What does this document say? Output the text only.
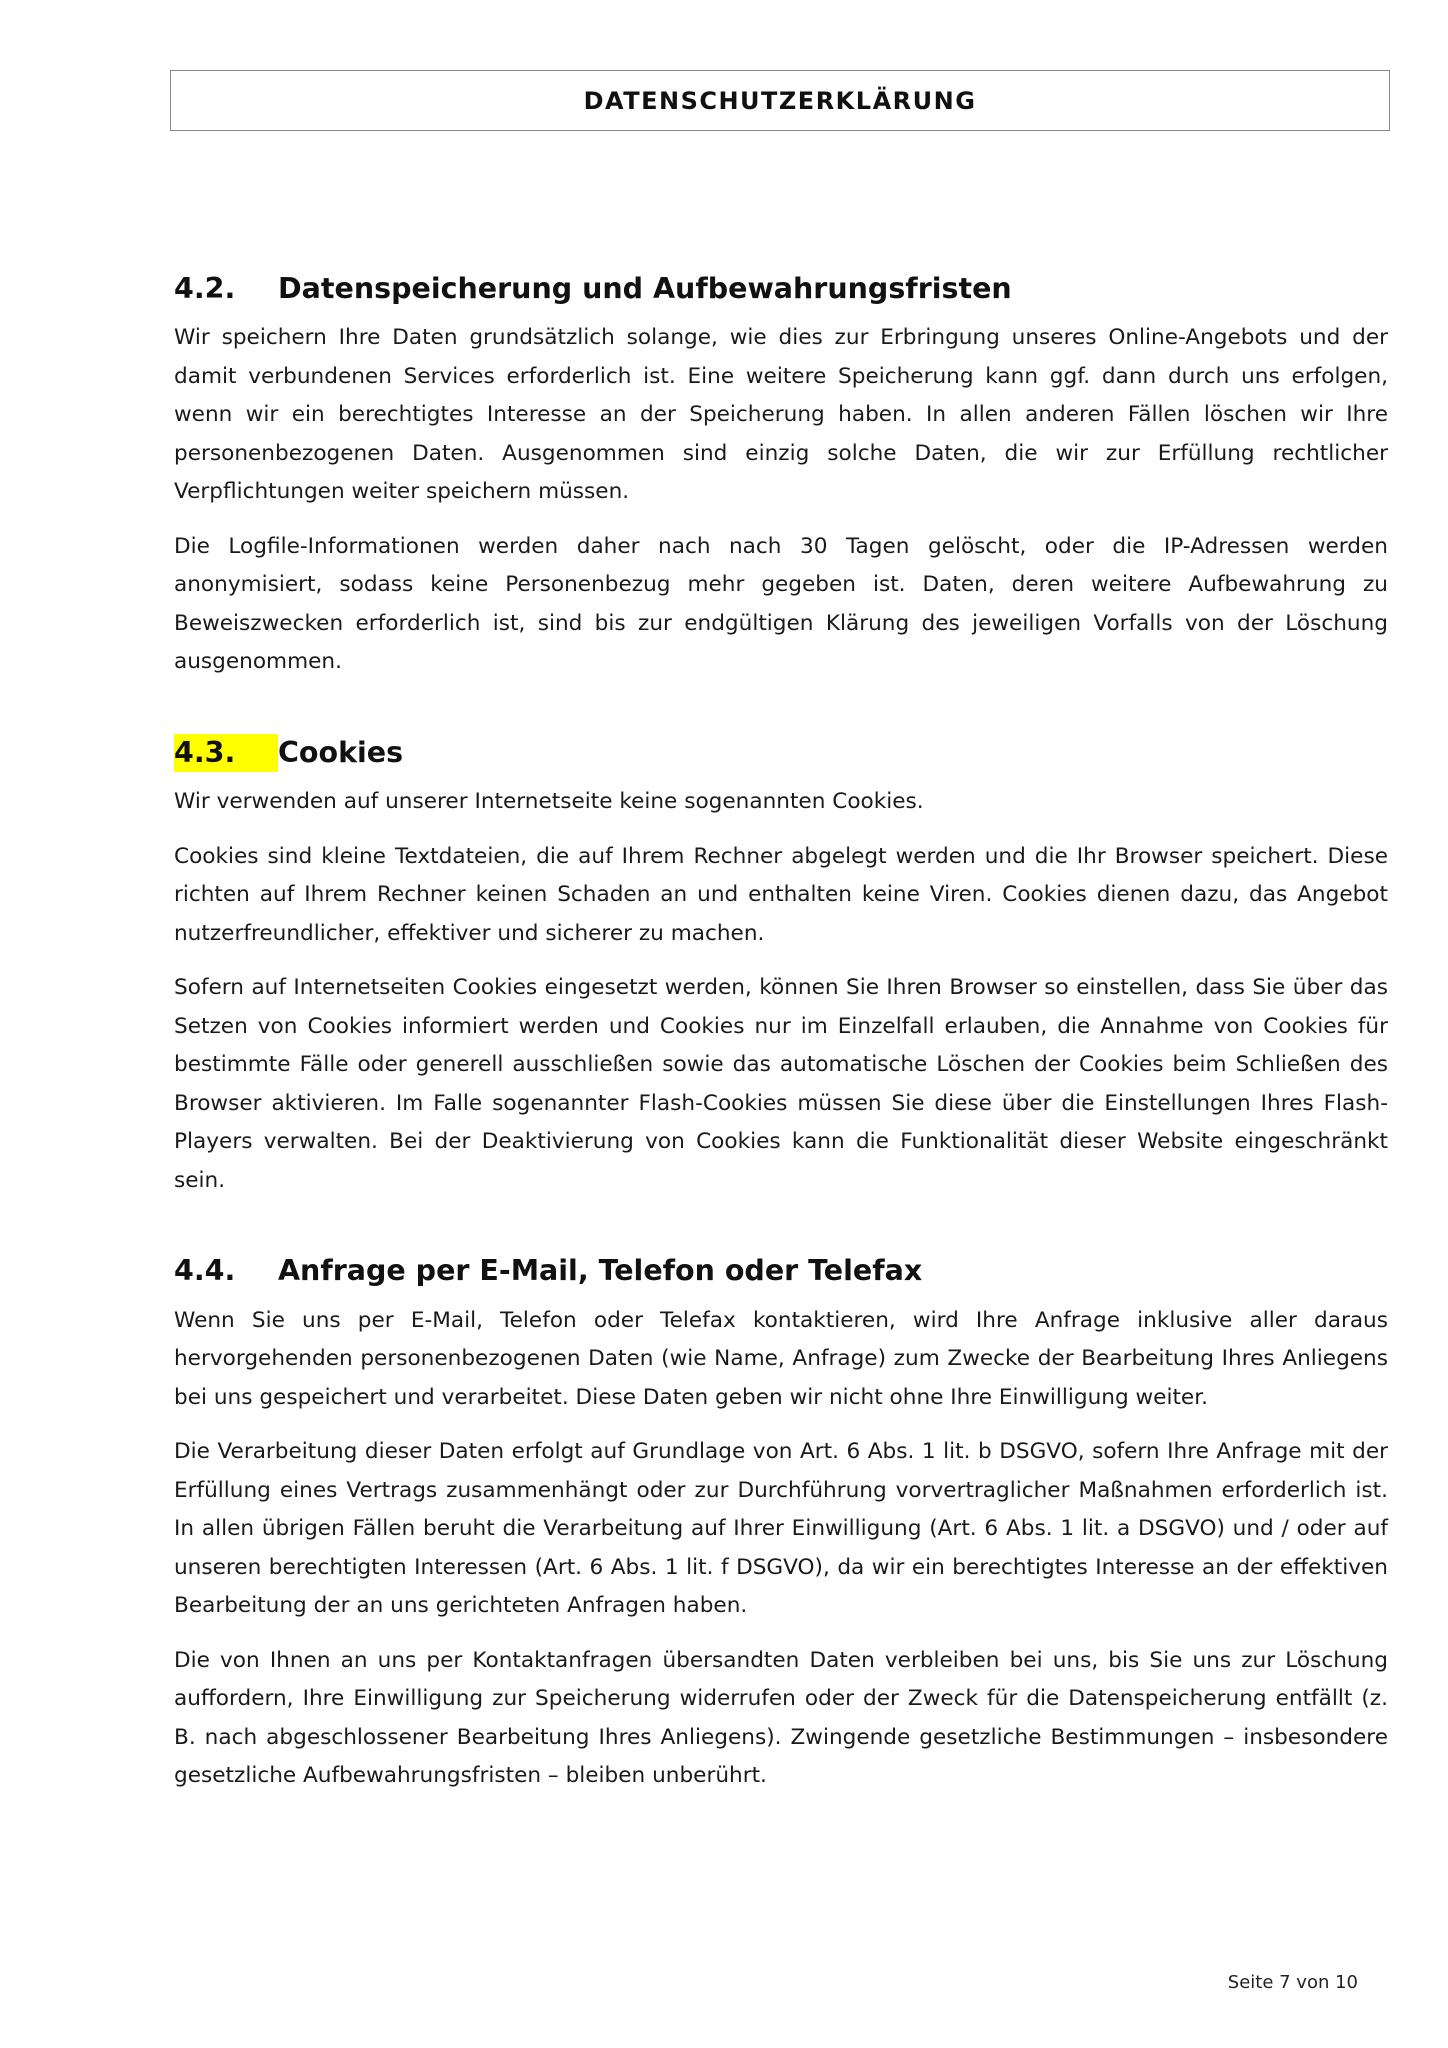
DATENSCHUTZERKLÄRUNG
4.2.	Datenspeicherung und Aufbewahrungsfristen

Wir speichern Ihre Daten grundsätzlich solange, wie dies zur Erbringung unseres Online-Angebots und der damit verbundenen Services erforderlich ist. Eine weitere Speicherung kann ggf. dann durch uns erfolgen, wenn wir ein berechtigtes Interesse an der Speicherung haben. In allen anderen Fällen löschen wir Ihre personenbezogenen Daten. Ausgenommen sind einzig solche Daten, die wir zur Erfüllung rechtlicher Verpflichtungen weiter speichern müssen.

Die Logfile-Informationen werden daher nach nach 30 Tagen gelöscht, oder die IP-Adressen werden anonymisiert, sodass keine Personenbezug mehr gegeben ist. Daten, deren weitere Aufbewahrung zu Beweiszwecken erforderlich ist, sind bis zur endgültigen Klärung des jeweiligen Vorfalls von der Löschung ausgenommen.

4.3.	Cookies

Wir verwenden auf unserer Internetseite keine sogenannten Cookies.

Cookies sind kleine Textdateien, die auf Ihrem Rechner abgelegt werden und die Ihr Browser speichert. Diese richten auf Ihrem Rechner keinen Schaden an und enthalten keine Viren. Cookies dienen dazu, das Angebot nutzerfreundlicher, effektiver und sicherer zu machen.

Sofern auf Internetseiten Cookies eingesetzt werden, können Sie Ihren Browser so einstellen, dass Sie über das Setzen von Cookies informiert werden und Cookies nur im Einzelfall erlauben, die Annahme von Cookies für bestimmte Fälle oder generell ausschließen sowie das automatische Löschen der Cookies beim Schließen des Browser aktivieren. Im Falle sogenannter Flash-Cookies müssen Sie diese über die Einstellungen Ihres Flash-Players verwalten. Bei der Deaktivierung von Cookies kann die Funktionalität dieser Website eingeschränkt sein.

4.4.	Anfrage per E-Mail, Telefon oder Telefax

Wenn Sie uns per E-Mail, Telefon oder Telefax kontaktieren, wird Ihre Anfrage inklusive aller daraus hervorgehenden personenbezogenen Daten (wie Name, Anfrage) zum Zwecke der Bearbeitung Ihres Anliegens bei uns gespeichert und verarbeitet. Diese Daten geben wir nicht ohne Ihre Einwilligung weiter.

Die Verarbeitung dieser Daten erfolgt auf Grundlage von Art. 6 Abs. 1 lit. b DSGVO, sofern Ihre Anfrage mit der Erfüllung eines Vertrags zusammenhängt oder zur Durchführung vorvertraglicher Maßnahmen erforderlich ist. In allen übrigen Fällen beruht die Verarbeitung auf Ihrer Einwilligung (Art. 6 Abs. 1 lit. a DSGVO) und / oder auf unseren berechtigten Interessen (Art. 6 Abs. 1 lit. f DSGVO), da wir ein berechtigtes Interesse an der effektiven Bearbeitung der an uns gerichteten Anfragen haben.

Die von Ihnen an uns per Kontaktanfragen übersandten Daten verbleiben bei uns, bis Sie uns zur Löschung auffordern, Ihre Einwilligung zur Speicherung widerrufen oder der Zweck für die Datenspeicherung entfällt (z. B. nach abgeschlossener Bearbeitung Ihres Anliegens). Zwingende gesetzliche Bestimmungen – insbesondere gesetzliche Aufbewahrungsfristen – bleiben unberührt.

Seite 7 von 10
